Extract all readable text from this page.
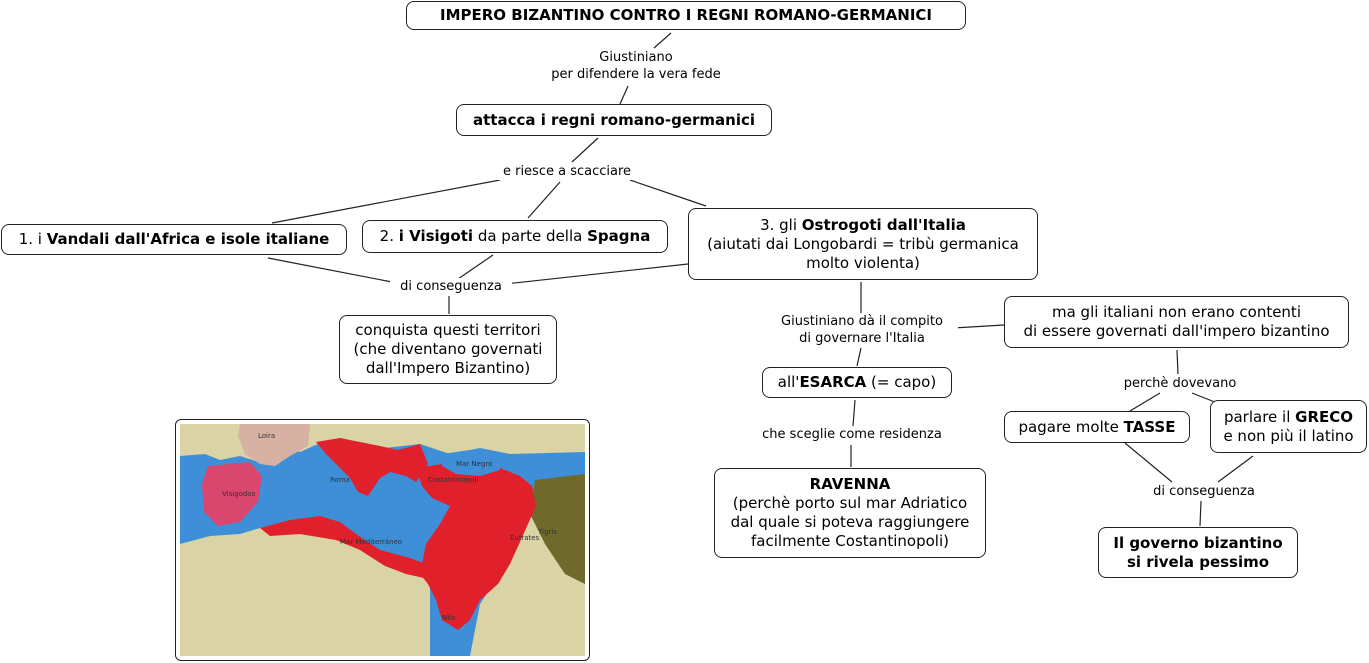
IMPERO BIZANTINO CONTRO I REGNI ROMANO-GERMANICI
attacca i regni romano-germanici
1. i Vandali dall'Africa e isole italiane	2. i Visigoti da parte della Spagna
3. gli Ostrogoti dall'Italia
(aiutati dai Longobardi = tribù germanica
molto violenta)
conquista questi territori
(che diventano governati
dall'Impero Bizantino)
all'ESARCA (= capo)
RAVENNA
(perchè porto sul mar Adriatico
dal quale si poteva raggiungere
facilmente Costantinopoli)
ma gli italiani non erano contenti
di essere governati dall'impero bizantino
pagare molte TASSE
parlare il GRECO
e non più il latino
Il governo bizantino
si rivela pessimo
Giustiniano
per difendere la vera fede
e riesce a scacciare
di conseguenza
Giustiniano dà il compito
di governare l'Italia
che sceglie come residenza
perchè dovevano
di conseguenza
Loira
Visigodos
Roma	Costantinopoli
Mar Negro
Mar Mediterráneo	Eufrates
Tigris
Nilo
